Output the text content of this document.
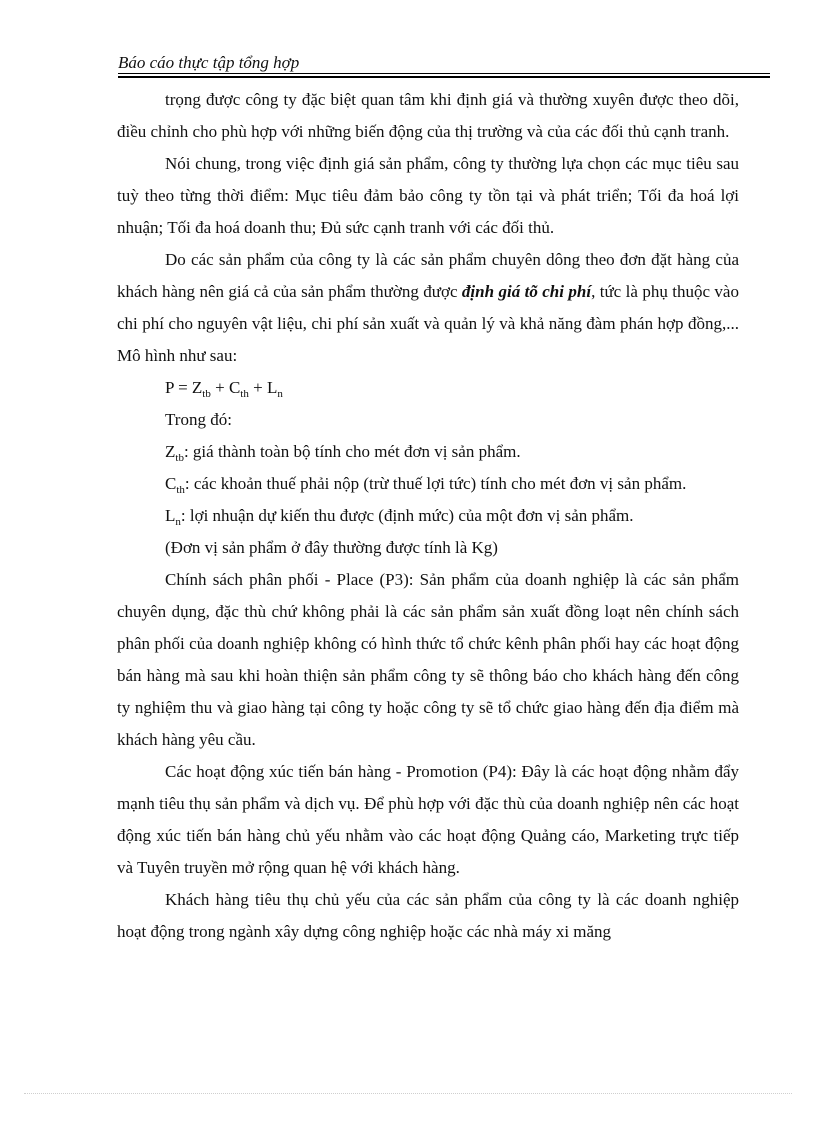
Báo cáo thực tập tổng hợp

trọng được công ty đặc biệt quan tâm khi định giá và thường xuyên được theo dõi, điều chỉnh cho phù hợp với những biến động của thị trường và của các đối thủ cạnh tranh.

Nói chung, trong việc định giá sản phẩm, công ty thường lựa chọn các mục tiêu sau tuỳ theo từng thời điểm: Mục tiêu đảm bảo công ty tồn tại và phát triển; Tối đa hoá lợi nhuận; Tối đa hoá doanh thu; Đủ sức cạnh tranh với các đối thủ.

Do các sản phẩm của công ty là các sản phẩm chuyên dông theo đơn đặt hàng của khách hàng nên giá cả của sản phẩm thường được định giá tõ chi phí, tức là phụ thuộc vào chi phí cho nguyên vật liệu, chi phí sản xuất và quản lý và khả năng đàm phán hợp đồng,... Mô hình như sau:

$P = Z_{tb} + C_{th} + L_n$

Trong đó:

$Z_{tb}$: giá thành toàn bộ tính cho mét đơn vị sản phẩm.

$C_{th}$: các khoản thuế phải nộp (trừ thuế lợi tức) tính cho mét đơn vị sản phẩm.

$L_n$: lợi nhuận dự kiến thu được (định mức) của một đơn vị sản phẩm.

(Đơn vị sản phẩm ở đây thường được tính là Kg)

Chính sách phân phối - Place (P3): Sản phẩm của doanh nghiệp là các sản phẩm chuyên dụng, đặc thù chứ không phải là các sản phẩm sản xuất đồng loạt nên chính sách phân phối của doanh nghiệp không có hình thức tổ chức kênh phân phối hay các hoạt động bán hàng mà sau khi hoàn thiện sản phẩm công ty sẽ thông báo cho khách hàng đến công ty nghiệm thu và giao hàng tại công ty hoặc công ty sẽ tổ chức giao hàng đến địa điểm mà khách hàng yêu cầu.

Các hoạt động xúc tiến bán hàng - Promotion (P4): Đây là các hoạt động nhằm đẩy mạnh tiêu thụ sản phẩm và dịch vụ. Để phù hợp với đặc thù của doanh nghiệp nên các hoạt động xúc tiến bán hàng chủ yếu nhằm vào các hoạt động Quảng cáo, Marketing trực tiếp và Tuyên truyền mở rộng quan hệ với khách hàng.

Khách hàng tiêu thụ chủ yếu của các sản phẩm của công ty là các doanh nghiệp hoạt động trong ngành xây dựng công nghiệp hoặc các nhà máy xi măng
